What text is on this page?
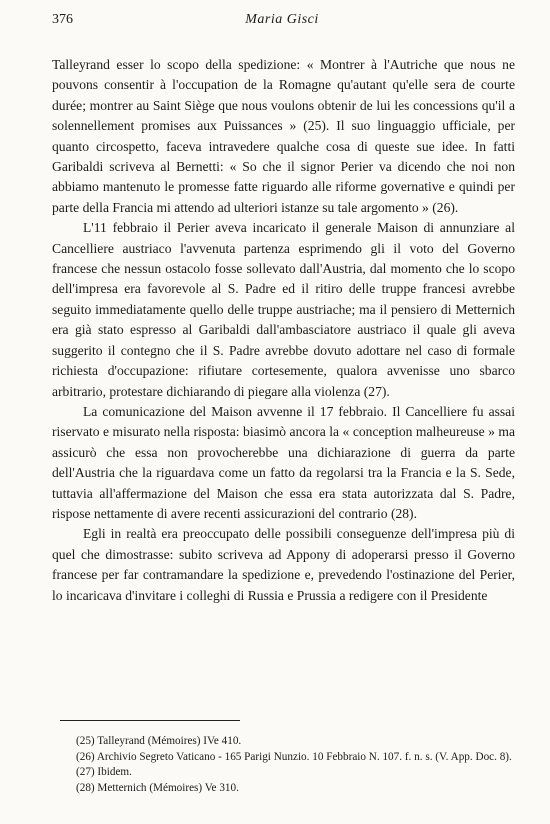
376	Maria Gisci

Talleyrand esser lo scopo della spedizione: « Montrer à l'Autriche que nous ne pouvons consentir à l'occupation de la Romagne qu'autant qu'elle sera de courte durée; montrer au Saint Siège que nous voulons obtenir de lui les concessions qu'il a solennellement promises aux Puissances » (25). Il suo linguaggio ufficiale, per quanto circospetto, faceva intravedere qualche cosa di queste sue idee. In fatti Garibaldi scriveva al Bernetti: « So che il signor Perier va dicendo che noi non abbiamo mantenuto le promesse fatte riguardo alle riforme governative e quindi per parte della Francia mi attendo ad ulteriori istanze su tale argomento » (26).

L'11 febbraio il Perier aveva incaricato il generale Maison di annunziare al Cancelliere austriaco l'avvenuta partenza esprimendo gli il voto del Governo francese che nessun ostacolo fosse sollevato dall'Austria, dal momento che lo scopo dell'impresa era favorevole al S. Padre ed il ritiro delle truppe francesi avrebbe seguito immediatamente quello delle truppe austriache; ma il pensiero di Metternich era già stato espresso al Garibaldi dall'ambasciatore austriaco il quale gli aveva suggerito il contegno che il S. Padre avrebbe dovuto adottare nel caso di formale richiesta d'occupazione: rifiutare cortesemente, qualora avvenisse uno sbarco arbitrario, protestare dichiarando di piegare alla violenza (27).

La comunicazione del Maison avvenne il 17 febbraio. Il Cancelliere fu assai riservato e misurato nella risposta: biasimò ancora la « conception malheureuse » ma assicurò che essa non provocherebbe una dichiarazione di guerra da parte dell'Austria che la riguardava come un fatto da regolarsi tra la Francia e la S. Sede, tuttavia all'affermazione del Maison che essa era stata autorizzata dal S. Padre, rispose nettamente di avere recenti assicurazioni del contrario (28).

Egli in realtà era preoccupato delle possibili conseguenze dell'impresa più di quel che dimostrasse: subito scriveva ad Appony di adoperarsi presso il Governo francese per far contramandare la spedizione e, prevedendo l'ostinazione del Perier, lo incaricava d'invitare i colleghi di Russia e Prussia a redigere con il Presidente

(25) Talleyrand (Mémoires) IVe 410.

(26) Archivio Segreto Vaticano - 165 Parigi Nunzio. 10 Febbraio N. 107. f. n. s. (V. App. Doc. 8).

(27) Ibidem.

(28) Metternich (Mémoires) Ve 310.
